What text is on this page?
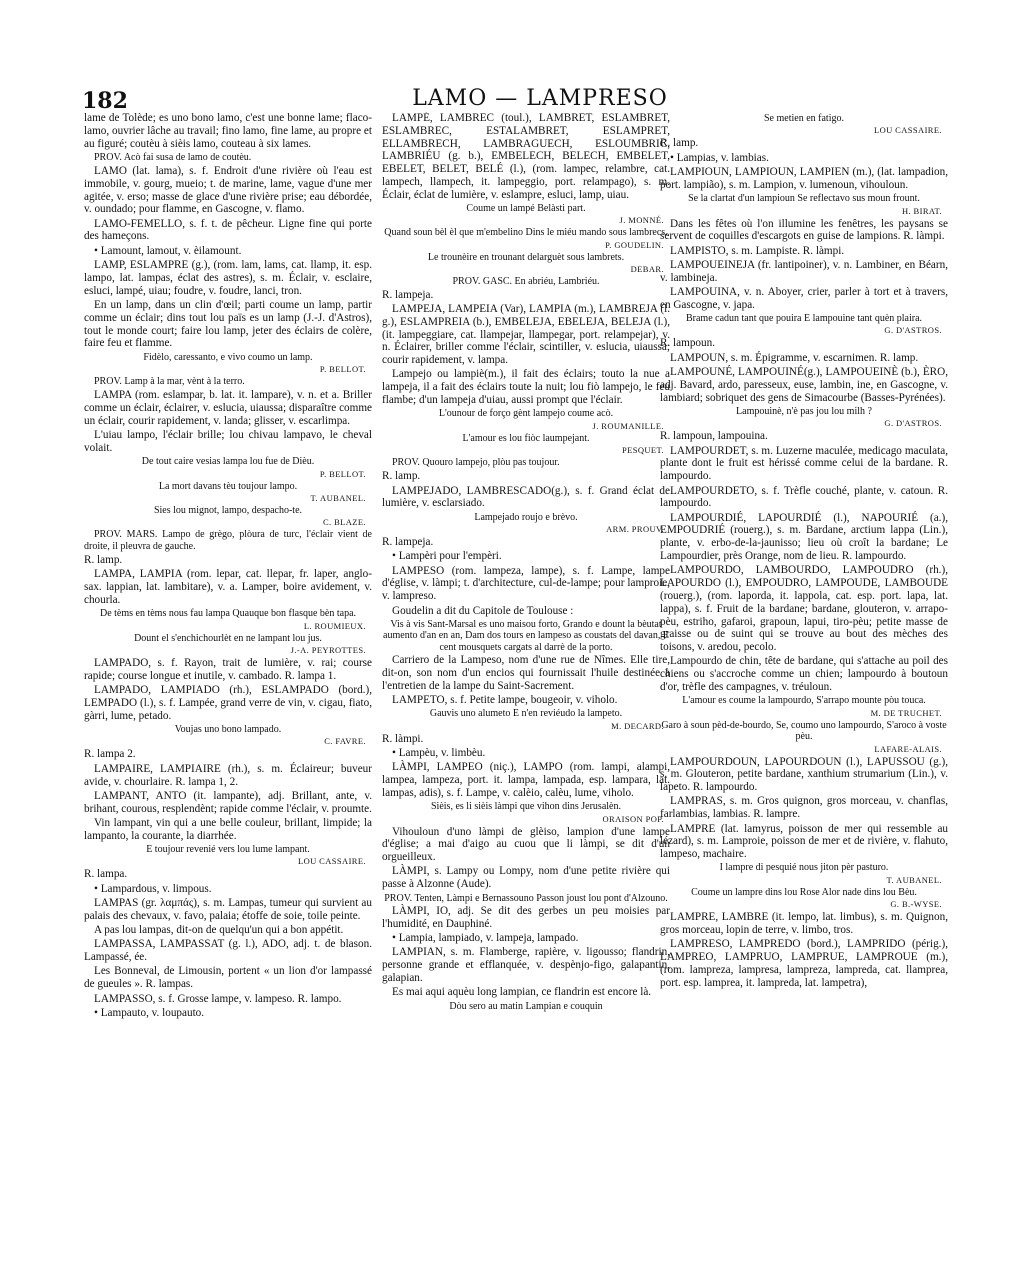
182	LAMO — LAMPRESO

lame de Tolède; es uno bono lamo, c'est une bonne lame; flaco-lamo, ouvrier lâche au travail; fino lamo, fine lame, au propre et au figuré; coutèu à sièis lamo, couteau à six lames.

PROV. Acò fai susa de lamo de coutèu.

LAMO (lat. lama), s. f. Endroit d'une rivière où l'eau est immobile, v. gourg, mueio; t. de marine, lame, vague d'une mer agitée, v. erso; masse de glace d'une rivière prise; eau débordée, v. oundado; pour flamme, en Gascogne, v. flamo.

LAMO-FEMELLO, s. f. t. de pêcheur. Ligne fine qui porte des hameçons.

• Lamount, lamout, v. èilamount.

LAMP, ESLAMPRE (g.), (rom. lam, lams, cat. llamp, it. esp. lampo, lat. lampas, éclat des astres), s. m. Éclair, v. esclaire, esluci, lampé, uiau; foudre, v. foudre, lanci, tron.

En un lamp, dans un clin d'œil; parti coume un lamp, partir comme un éclair; dins tout lou païs es un lamp (J.-J. d'Astros), tout le monde court; faire lou lamp, jeter des éclairs de colère, faire feu et flamme.

Fidèlo, caressanto, e vivo coumo un lamp.

P. BELLOT.

PROV. Lamp à la mar, vènt à la terro.

LAMPA (rom. eslampar, b. lat. it. lampare), v. n. et a. Briller comme un éclair, éclairer, v. esluciа, uiaussa; disparaître comme un éclair, courir rapidement, v. landa; glisser, v. escarlimpa.

L'uiau lampo, l'éclair brille; lou chivau lampavo, le cheval volait.

De tout caire vesias lampa lou fue de Dièu.

P. BELLOT.

La mort davans tèu toujour lampo.

T. AUBANEL.

Sies lou mignot, lampo, despacho-te.

C. BLAZE.

PROV. MARS. Lampo de grègo, plòura de turc, l'éclair vient de droite, il pleuvra de gauche.

R. lamp.

LAMPA, LAMPIA (rom. lepar, cat. llepar, fr. laper, anglo-sax. lappian, lat. lambitare), v. a. Lamper, boire avidement, v. chourla.

De tèms en tèms nous fau lampa Quauque bon flasque bèn tapa.

L. ROUMIEUX.

Dount el s'enchichourlèt en ne lampant lou jus.

J.-A. PEYROTTES.

LAMPADO, s. f. Rayon, trait de lumière, v. rai; course rapide; course longue et inutile, v. cambado. R. lampa 1.

LAMPADO, LAMPIADO (rh.), ESLAMPADO (bord.), LEMPADO (l.), s. f. Lampée, grand verre de vin, v. cigau, fiato, gàrri, lume, petado.

Voujas uno bono lampado.

C. FAVRE.

R. lampa 2.

LAMPAIRE, LAMPIAIRE (rh.), s. m. Éclaireur; buveur avide, v. chourlaire. R. lampa 1, 2.

LAMPANT, ANTO (it. lampante), adj. Brillant, ante, v. brihant, courous, resplendènt; rapide comme l'éclair, v. proumte.

Vin lampant, vin qui a une belle couleur, brillant, limpide; la lampanto, la courante, la diarrhée.

E toujour revenié vers lou lume lampant.

LOU CASSAIRE.

R. lampa.

• Lampardous, v. limpous.

LAMPAS (gr. λαμπάς), s. m. Lampas, tumeur qui survient au palais des chevaux, v. favo, palaia; étoffe de soie, toile peinte.

A pas lou lampas, dit-on de quelqu'un qui a bon appétit.

LAMPASSA, LAMPASSAT (g. l.), ADO, adj. t. de blason. Lampassé, ée.

Les Bonneval, de Limousin, portent « un lion d'or lampassé de gueules ». R. lampas.

LAMPASSO, s. f. Grosse lampe, v. lampeso. R. lampo.

• Lampauto, v. loupauto.

LAMPÉ, LAMBREC (toul.), LAMBRET, ESLAMBRET, ESLAMBREC, ESTALAMBRET, ESLAMPRET, ELLAMBRECH, LAMBRAGUECH, ESLOUMBRIC, LAMBRIÉU (g. b.), EMBELECH, BELECH, EMBELET, EBELET, BELET, BELÉ (l.), (rom. lampec, relambre, cat. lampech, llampech, it. lampeggio, port. relampago), s. m. Éclair, éclat de lumière, v. eslampre, esluci, lamp, uiau.

Coume un lampé Belàsti part.

J. MONNÉ.

Quand soun bèl èl que m'embelino Dins le miéu mando sous lambrecs.

P. GOUDELIN.

Le trounèire en trounant delarguèt sous lambrets.

DEBAR.

PROV. GASC. En abriéu, Lambriéu.

R. lampeja.

LAMPEJA, LAMPEIA (Var), LAMPIA (m.), LAMBREJA (l. g.), ESLAMPREIA (b.), EMBELEJA, EBELEJA, BELEJA (l.), (it. lampeggiare, cat. llampejar, llampegar, port. relampejar), v. n. Éclairer, briller comme l'éclair, scintiller, v. esluciа, uiaussa; courir rapidement, v. lampa.

Lampejo ou lampiè(m.), il fait des éclairs; touto la nue a lampeja, il a fait des éclairs toute la nuit; lou fiò lampejo, le feu flambe; d'un lampeja d'uiau, aussi prompt que l'éclair.

L'ounour de forço gènt lampejo coume acò.

J. ROUMANILLE.

L'amour es lou fiòc laumpejant.

PESQUET.

PROV. Quouro lampejo, plòu pas toujour.

R. lamp.

LAMPEJADO, LAMBRESCADO(g.), s. f. Grand éclat de lumière, v. esclarsiado.

Lampejado roujo e brèvo.

ARM. PROUV.

R. lampeja.

• Lampèri pour l'empèri.

LAMPESO (rom. lampeza, lampe), s. f. Lampe, lampe d'église, v. làmpi; t. d'architecture, cul-de-lampe; pour lamproie, v. lampreso.

Goudelin a dit du Capitole de Toulouse :

Vis à vis Sant-Marsal es uno maisou forto, Grando e dount la bèutat aumento d'an en an, Dam dos tours en lampeso as coustats del davan, E cent mousquets cargats al darrè de la porto.

Carriero de la Lampeso, nom d'une rue de Nîmes. Elle tire, dit-on, son nom d'un encios qui fournissait l'huile destinée à l'entretien de la lampe du Saint-Sacrement.

LAMPETO, s. f. Petite lampe, bougeoir, v. viholo.

Gauvis uno alumeto E n'en reviéudo la lampeto.

M. DECARD.

R. làmpi.

• Lampèu, v. limbèu.

LÀMPI, LAMPEO (niç.), LAMPO (rom. lampi, alampi, lampea, lampeza, port. it. lampa, lampada, esp. lampara, lat. lampas, adis), s. f. Lampe, v. calèio, calèu, lume, viholo.

Sièis, es li sièis làmpi que vihon dins Jerusalèn.

ORAISON POP.

Vihouloun d'uno làmpi de glèiso, lampion d'une lampe d'église; a mai d'aigo au cuou que li làmpi, se dit d'un orgueilleux.

LÀMPI, s. Lampy ou Lompy, nom d'une petite rivière qui passe à Alzonne (Aude).

PROV. Tenten, Làmpi e Bernassouno Passon joust lou pont d'Alzouno.

LÀMPI, IO, adj. Se dit des gerbes un peu moisies par l'humidité, en Dauphiné.

• Lampia, lampiado, v. lampeja, lampado.

LAMPIAN, s. m. Flamberge, rapière, v. ligousso; flandrin, personne grande et efflanquée, v. despènjo-figo, galapantin, galapian.

Es mai aqui aquèu long lampian, ce flandrin est encore là.

Dòu sero au matin Lampian e couquin

Se metien en fatigo.

LOU CASSAIRE.

R. lamp.

• Lampias, v. lambias.

LAMPIOUN, LAMPIOUN, LAMPIEN (m.), (lat. lampadion, port. lampião), s. m. Lampion, v. lumenoun, vihouloun.

Se la clartat d'un lampioun Se reflectavo sus moun frount.

H. BIRAT.

Dans les fêtes où l'on illumine les fenêtres, les paysans se servent de coquilles d'escargots en guise de lampions. R. làmpi.

LAMPISTO, s. m. Lampiste. R. làmpi.

LAMPOUEINEJA (fr. lantipoiner), v. n. Lambiner, en Béarn, v. lambineja.

LAMPOUINA, v. n. Aboyer, crier, parler à tort et à travers, en Gascogne, v. japa.

Brame cadun tant que pouira E lampouine tant quèn plaira.

G. D'ASTROS.

R. lampoun.

LAMPOUN, s. m. Épigramme, v. escarnimen. R. lamp.

LAMPOUNÉ, LAMPOUINÉ(g.), LAMPOUEINÈ (b.), ÈRO, adj. Bavard, ardo, paresseux, euse, lambin, ine, en Gascogne, v. lambiard; sobriquet des gens de Simacourbe (Basses-Pyrénées).

Lampouinè, n'è pas jou lou milh ?

G. D'ASTROS.

R. lampoun, lampouina.

LAMPOURDET, s. m. Luzerne maculée, medicago maculata, plante dont le fruit est hérissé comme celui de la bardane. R. lampourdo.

LAMPOURDETO, s. f. Trèfle couché, plante, v. catoun. R. lampourdo.

LAMPOURDIÉ, LAPOURDIÉ (l.), NAPOURIÉ (a.), EMPOUDRIÉ (rouerg.), s. m. Bardane, arctium lappa (Lin.), plante, v. erbo-de-la-jaunisso; lieu où croît la bardane; Le Lampourdier, près Orange, nom de lieu. R. lampourdo.

LAMPOURDO, LAMBOURDO, LAMPOUDRO (rh.), LAPOURDO (l.), EMPOUDRO, LAMPOUDE, LAMBOUDE (rouerg.), (rom. laporda, it. lappola, cat. esp. port. lapa, lat. lappa), s. f. Fruit de la bardane; bardane, glouteron, v. arrapo-pèu, estriho, gafaroi, grapoun, lapui, tiro-pèu; petite masse de graisse ou de suint qui se trouve au bout des mèches des toisons, v. aredou, pecolo.

Lampourdo de chin, tête de bardane, qui s'attache au poil des chiens ou s'accroche comme un chien; lampourdo à boutoun d'or, trèfle des campagnes, v. tréuloun.

L'amour es coume la lampourdo, S'arrapo mounte pòu touca.

M. DE TRUCHET.

Garo à soun pèd-de-bourdo, Se, coumo uno lampourdo, S'aroco à voste pèu.

LAFARE-ALAIS.

LAMPOURDOUN, LAPOURDOUN (l.), LAPUSSOU (g.), s. m. Glouteron, petite bardane, xanthium strumarium (Lin.), v. lapeto. R. lampourdo.

LAMPRAS, s. m. Gros quignon, gros morceau, v. chanflas, farlambias, lambias. R. lampre.

LAMPRE (lat. lamyrus, poisson de mer qui ressemble au lézard), s. m. Lamproie, poisson de mer et de rivière, v. flahuto, lampeso, machaire.

I lampre di pesquié nous jiton pèr pasturo.

T. AUBANEL.

Coume un lampre dins lou Rose Alor nade dins lou Bèu.

G. B.-WYSE.

LAMPRE, LAMBRE (it. lempo, lat. limbus), s. m. Quignon, gros morceau, lopin de terre, v. limbo, tros.

LAMPRESO, LAMPREDO (bord.), LAMPRIDO (périg.), LAMPREO, LAMPRUO, LAMPRUE, LAMPROUE (m.), (rom. lampreza, lampresa, lampreza, lampreda, cat. llamprea, port. esp. lamprea, it. lampreda, lat. lampetra),
